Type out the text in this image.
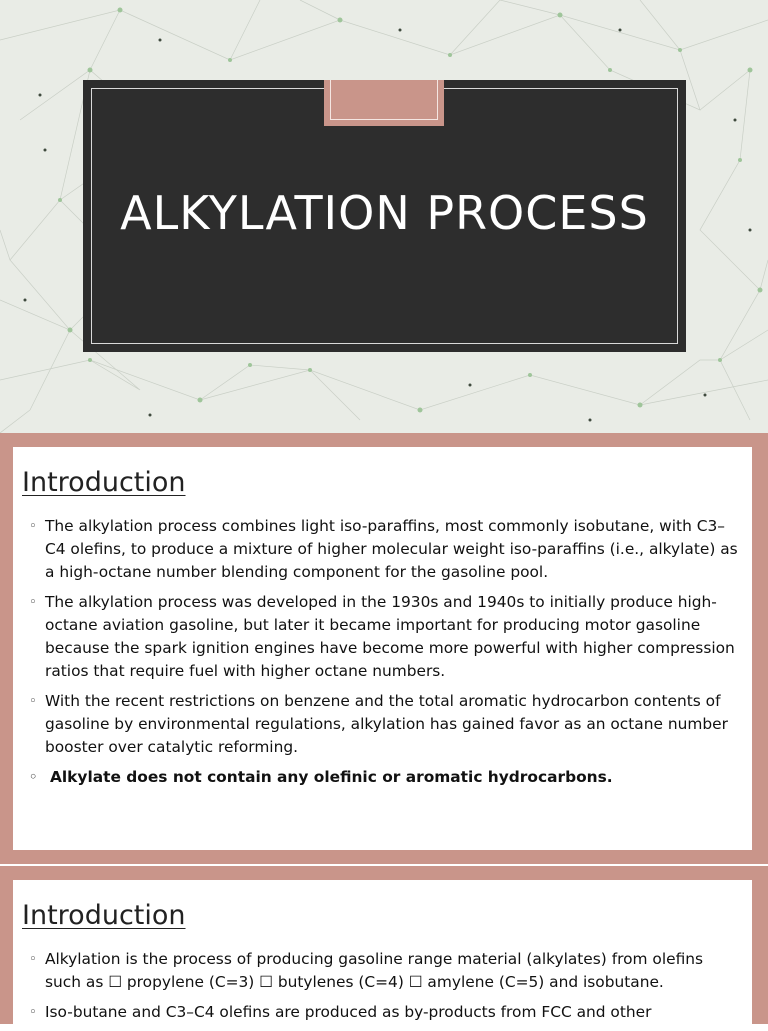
ALKYLATION PROCESS
Introduction
◦ The alkylation process combines light iso-paraffins, most commonly isobutane, with C3–C4 olefins, to produce a mixture of higher molecular weight iso-paraffins (i.e., alkylate) as a high-octane number blending component for the gasoline pool.
◦ The alkylation process was developed in the 1930s and 1940s to initially produce high-octane aviation gasoline, but later it became important for producing motor gasoline because the spark ignition engines have become more powerful with higher compression ratios that require fuel with higher octane numbers.
◦ With the recent restrictions on benzene and the total aromatic hydrocarbon contents of gasoline by environmental regulations, alkylation has gained favor as an octane number booster over catalytic reforming.
◦ Alkylate does not contain any olefinic or aromatic hydrocarbons.
Introduction
◦ Alkylation is the process of producing gasoline range material (alkylates) from olefins such as ☐ propylene (C=3) ☐ butylenes (C=4) ☐ amylene (C=5) and isobutane.
◦ Iso-butane and C3–C4 olefins are produced as by-products from FCC and other
